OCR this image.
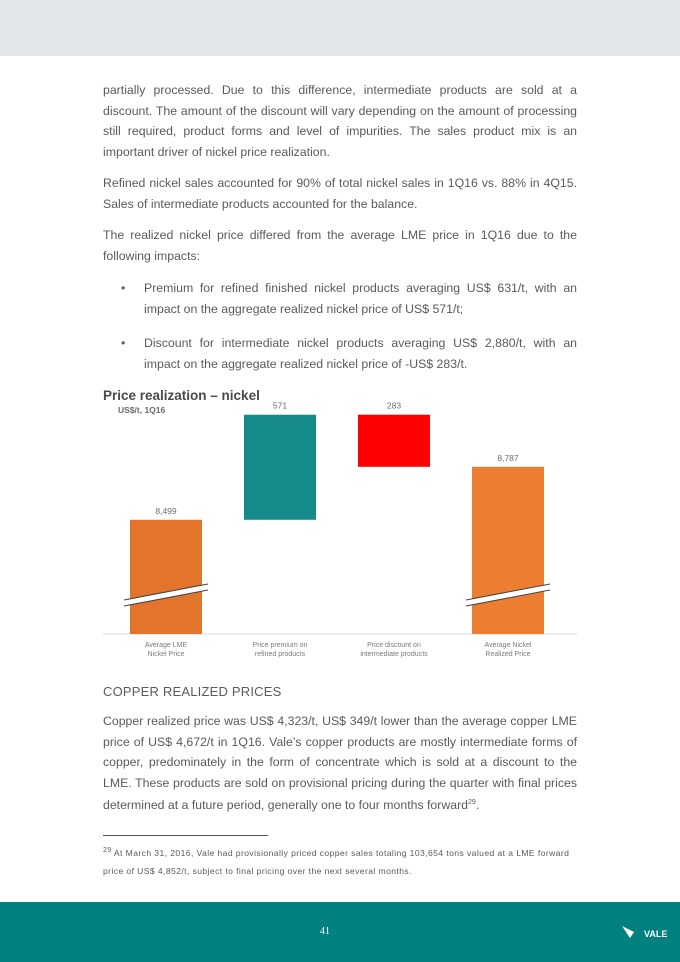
partially processed. Due to this difference, intermediate products are sold at a discount. The amount of the discount will vary depending on the amount of processing still required, product forms and level of impurities. The sales product mix is an important driver of nickel price realization.

Refined nickel sales accounted for 90% of total nickel sales in 1Q16 vs. 88% in 4Q15. Sales of intermediate products accounted for the balance.

The realized nickel price differed from the average LME price in 1Q16 due to the following impacts:

• Premium for refined finished nickel products averaging US$ 631/t, with an impact on the aggregate realized nickel price of US$ 571/t;
• Discount for intermediate nickel products averaging US$ 2,880/t, with an impact on the aggregate realized nickel price of -US$ 283/t.
Price realization – nickel
US$/t, 1Q16
8,499
Average LME Nickel Price
571
Price premium on refined products
283
Price discount on intermediate products
8,787
Average Nickel Realized Price
COPPER REALIZED PRICES

Copper realized price was US$ 4,323/t, US$ 349/t lower than the average copper LME price of US$ 4,672/t in 1Q16. Vale’s copper products are mostly intermediate forms of copper, predominately in the form of concentrate which is sold at a discount to the LME. These products are sold on provisional pricing during the quarter with final prices determined at a future period, generally one to four months forward$^{29}$.

$^{29}$ At March 31, 2016, Vale had provisionally priced copper sales totaling 103,654 tons valued at a LME forward price of US$ 4,852/t, subject to final pricing over the next several months.
41	VALE
